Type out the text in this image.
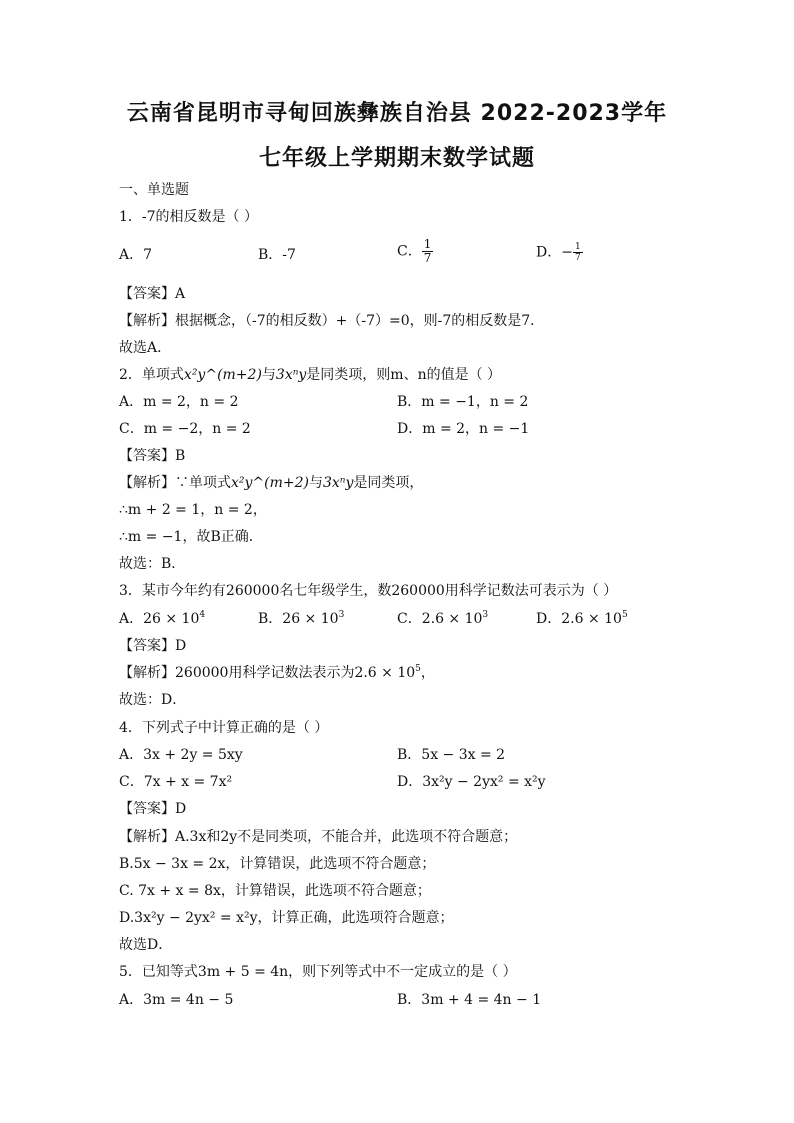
云南省昆明市寻甸回族彝族自治县 2022-2023学年
七年级上学期期末数学试题
一、单选题
1．-7的相反数是（ ）
A．7	B．-7	C． $\frac{1}{7}$	D．− $\frac{1}{7}$
【答案】A
【解析】根据概念，（-7的相反数）+（-7）=0，则-7的相反数是7．
故选A．
2．单项式x²y^(m+2)与3xⁿy是同类项，则m、n的值是（ ）
A．m = 2，n = 2	B．m = −1，n = 2
C．m = −2，n = 2	D．m = 2，n = −1
【答案】B
【解析】∵单项式x²y^(m+2)与3xⁿy是同类项，
∴m + 2 = 1，n = 2，
∴m = −1，故B正确．
故选：B．
3．某市今年约有260000名七年级学生，数260000用科学记数法可表示为（ ）
A．$26 \times 10^4$	B．$26 \times 10^3$	C．$2.6 \times 10^3$	D．$2.6 \times 10^5$
【答案】D
【解析】260000用科学记数法表示为$2.6 \times 10^5$，
故选：D．
4．下列式子中计算正确的是（ ）
A．3x + 2y = 5xy	B．5x − 3x = 2
C．7x + x = 7x²	D．3x²y − 2yx² = x²y
【答案】D
【解析】A.3x和2y不是同类项，不能合并，此选项不符合题意；
B.5x − 3x = 2x，计算错误，此选项不符合题意；
C. 7x + x = 8x，计算错误，此选项不符合题意；
D.3x²y − 2yx² = x²y，计算正确，此选项符合题意；
故选D．
5．已知等式3m + 5 = 4n，则下列等式中不一定成立的是（ ）
A．3m = 4n − 5	B．3m + 4 = 4n − 1
